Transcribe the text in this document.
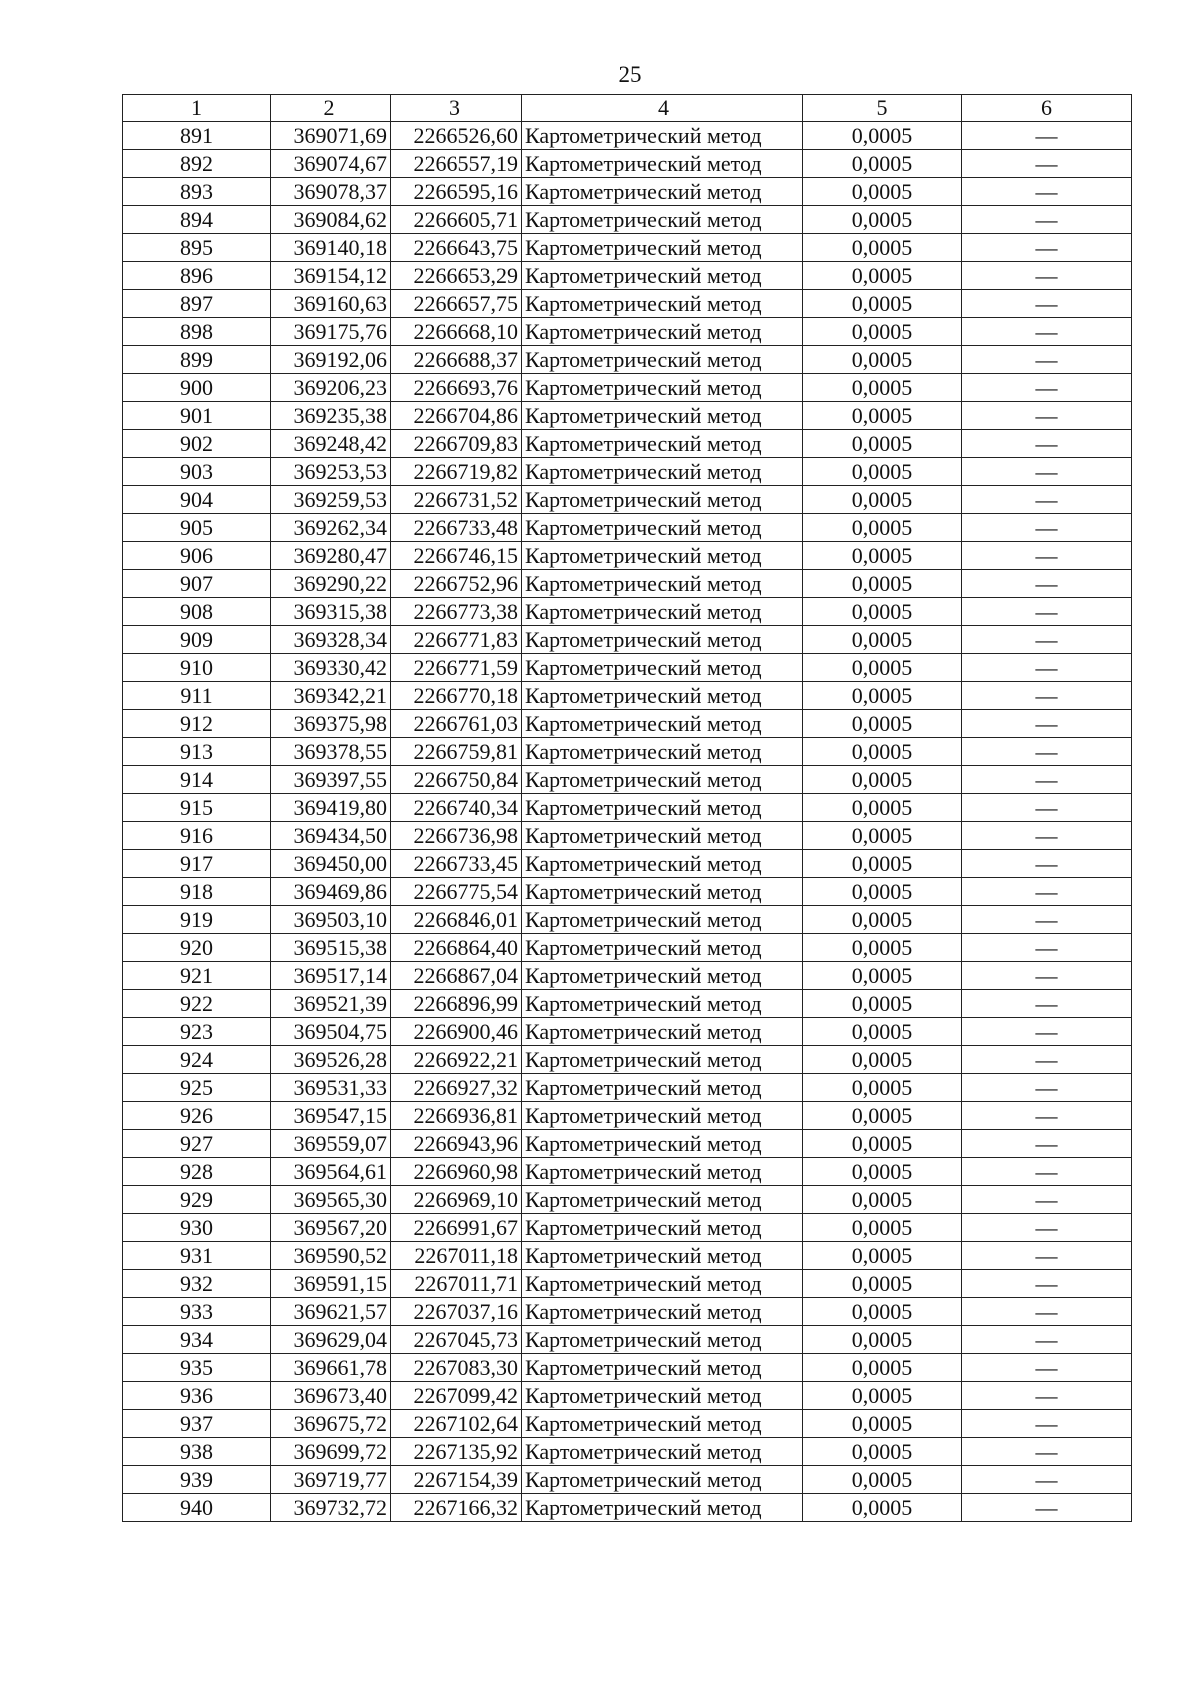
25
1	2	3	4	5	6
891	369071,69	2266526,60	Картометрический метод	0,0005	—
892	369074,67	2266557,19	Картометрический метод	0,0005	—
893	369078,37	2266595,16	Картометрический метод	0,0005	—
894	369084,62	2266605,71	Картометрический метод	0,0005	—
895	369140,18	2266643,75	Картометрический метод	0,0005	—
896	369154,12	2266653,29	Картометрический метод	0,0005	—
897	369160,63	2266657,75	Картометрический метод	0,0005	—
898	369175,76	2266668,10	Картометрический метод	0,0005	—
899	369192,06	2266688,37	Картометрический метод	0,0005	—
900	369206,23	2266693,76	Картометрический метод	0,0005	—
901	369235,38	2266704,86	Картометрический метод	0,0005	—
902	369248,42	2266709,83	Картометрический метод	0,0005	—
903	369253,53	2266719,82	Картометрический метод	0,0005	—
904	369259,53	2266731,52	Картометрический метод	0,0005	—
905	369262,34	2266733,48	Картометрический метод	0,0005	—
906	369280,47	2266746,15	Картометрический метод	0,0005	—
907	369290,22	2266752,96	Картометрический метод	0,0005	—
908	369315,38	2266773,38	Картометрический метод	0,0005	—
909	369328,34	2266771,83	Картометрический метод	0,0005	—
910	369330,42	2266771,59	Картометрический метод	0,0005	—
911	369342,21	2266770,18	Картометрический метод	0,0005	—
912	369375,98	2266761,03	Картометрический метод	0,0005	—
913	369378,55	2266759,81	Картометрический метод	0,0005	—
914	369397,55	2266750,84	Картометрический метод	0,0005	—
915	369419,80	2266740,34	Картометрический метод	0,0005	—
916	369434,50	2266736,98	Картометрический метод	0,0005	—
917	369450,00	2266733,45	Картометрический метод	0,0005	—
918	369469,86	2266775,54	Картометрический метод	0,0005	—
919	369503,10	2266846,01	Картометрический метод	0,0005	—
920	369515,38	2266864,40	Картометрический метод	0,0005	—
921	369517,14	2266867,04	Картометрический метод	0,0005	—
922	369521,39	2266896,99	Картометрический метод	0,0005	—
923	369504,75	2266900,46	Картометрический метод	0,0005	—
924	369526,28	2266922,21	Картометрический метод	0,0005	—
925	369531,33	2266927,32	Картометрический метод	0,0005	—
926	369547,15	2266936,81	Картометрический метод	0,0005	—
927	369559,07	2266943,96	Картометрический метод	0,0005	—
928	369564,61	2266960,98	Картометрический метод	0,0005	—
929	369565,30	2266969,10	Картометрический метод	0,0005	—
930	369567,20	2266991,67	Картометрический метод	0,0005	—
931	369590,52	2267011,18	Картометрический метод	0,0005	—
932	369591,15	2267011,71	Картометрический метод	0,0005	—
933	369621,57	2267037,16	Картометрический метод	0,0005	—
934	369629,04	2267045,73	Картометрический метод	0,0005	—
935	369661,78	2267083,30	Картометрический метод	0,0005	—
936	369673,40	2267099,42	Картометрический метод	0,0005	—
937	369675,72	2267102,64	Картометрический метод	0,0005	—
938	369699,72	2267135,92	Картометрический метод	0,0005	—
939	369719,77	2267154,39	Картометрический метод	0,0005	—
940	369732,72	2267166,32	Картометрический метод	0,0005	—
